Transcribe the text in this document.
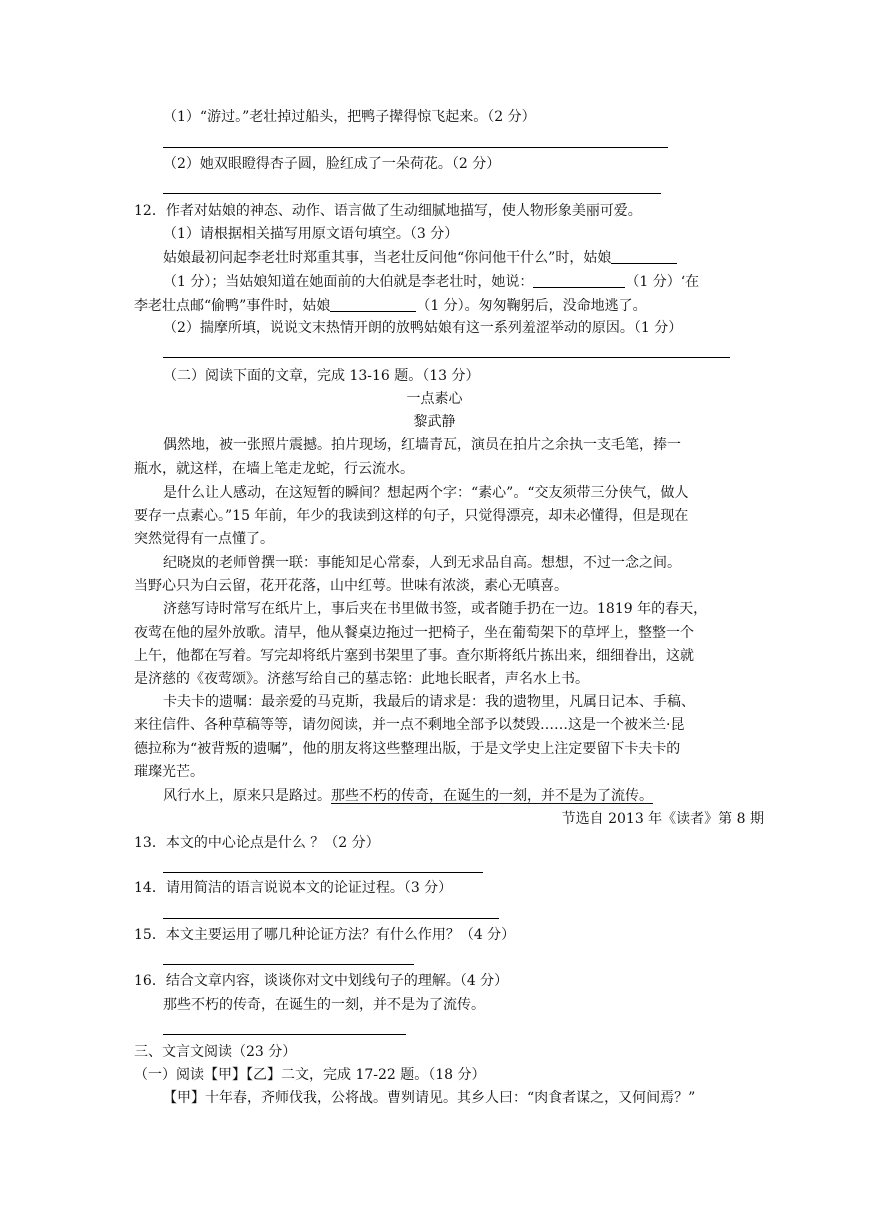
（1）“游过。”老壮掉过船头，把鸭子撵得惊飞起来。（2 分）
（2）她双眼瞪得杏子圆，脸红成了一朵荷花。（2 分）
12．作者对姑娘的神态、动作、语言做了生动细腻地描写，使人物形象美丽可爱。
（1）请根据相关描写用原文语句填空。（3 分）
姑娘最初问起李老壮时郑重其事，当老壮反问他“你问他干什么”时，姑娘
（1 分）；当姑娘知道在她面前的大伯就是李老壮时，她说：	（1 分）‘在
李老壮点邮“偷鸭”事件时，姑娘	（1 分）。匆匆鞠躬后，没命地逃了。
（2）揣摩所填，说说文末热情开朗的放鸭姑娘有这一系列羞涩举动的原因。（1 分）
（二）阅读下面的文章，完成 13-16 题。（13 分）
一点素心
黎武静
偶然地，被一张照片震撼。拍片现场，红墙青瓦，演员在拍片之余执一支毛笔，捧一
瓶水，就这样，在墙上笔走龙蛇，行云流水。
是什么让人感动，在这短暂的瞬间？想起两个字：“素心”。“交友须带三分侠气，做人
要存一点素心。”15 年前，年少的我读到这样的句子，只觉得漂亮，却未必懂得，但是现在
突然觉得有一点懂了。
纪晓岚的老师曾撰一联：事能知足心常泰，人到无求品自高。想想，不过一念之间。
当野心只为白云留，花开花落，山中红萼。世味有浓淡，素心无嗔喜。
济慈写诗时常写在纸片上，事后夹在书里做书签，或者随手扔在一边。1819 年的春天，
夜莺在他的屋外放歌。清早，他从餐桌边拖过一把椅子，坐在葡萄架下的草坪上，整整一个
上午，他都在写着。写完却将纸片塞到书架里了事。查尔斯将纸片拣出来，细细眷出，这就
是济慈的《夜莺颂》。济慈写给自己的墓志铭：此地长眠者，声名水上书。
卡夫卡的遗嘱：最亲爱的马克斯，我最后的请求是：我的遗物里，凡属日记本、手稿、
来往信件、各种草稿等等，请勿阅读，并一点不剩地全部予以焚毁……这是一个被米兰·昆
德拉称为“被背叛的遗嘱”，他的朋友将这些整理出版，于是文学史上注定要留下卡夫卡的
璀璨光芒。
风行水上，原来只是路过。那些不朽的传奇，在诞生的一刻，并不是为了流传。
节选自 2013 年《读者》第 8 期
13．本文的中心论点是什么 ？（2 分）
14．请用简洁的语言说说本文的论证过程。（3 分）
15．本文主要运用了哪几种论证方法？有什么作用？（4 分）
16．结合文章内容，谈谈你对文中划线句子的理解。（4 分）
那些不朽的传奇，在诞生的一刻，并不是为了流传。
三、文言文阅读（23 分）
（一）阅读【甲】【乙】二文，完成 17-22 题。（18 分）
【甲】十年春，齐师伐我，公将战。曹刿请见。其乡人曰：“肉食者谋之，又何间焉？”
